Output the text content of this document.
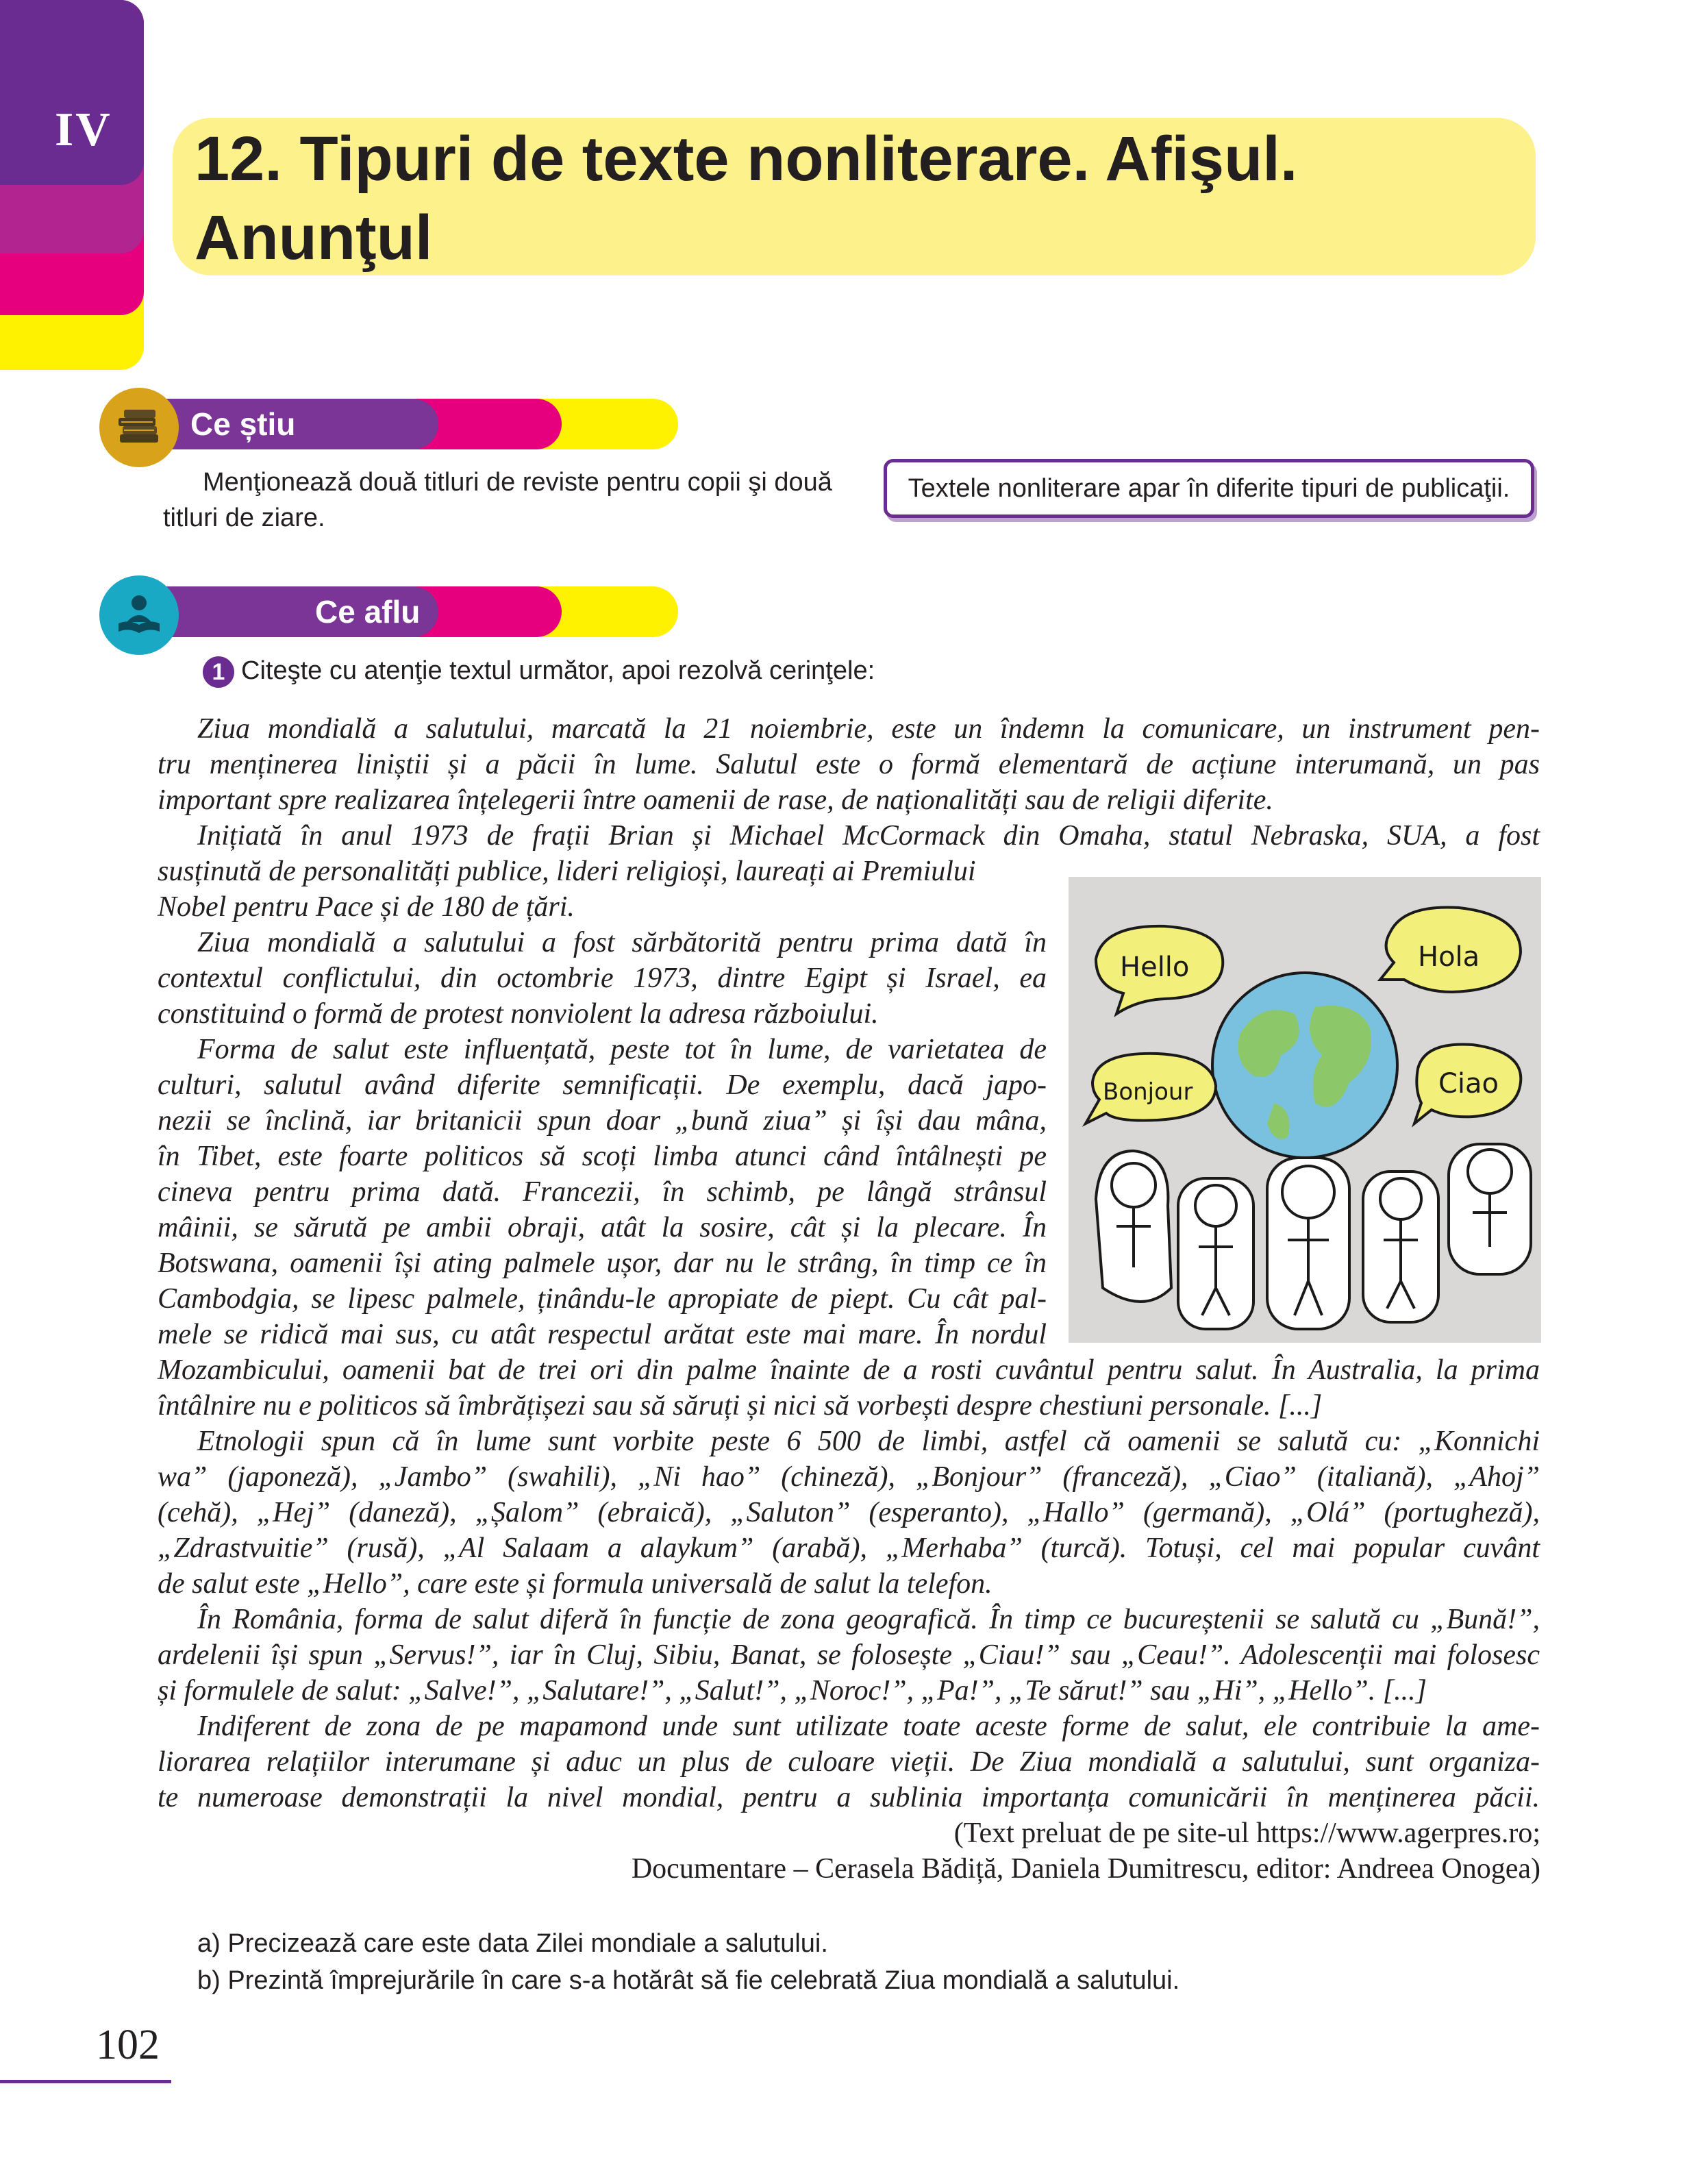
IV 12. Tipuri de texte nonliterare. Afişul.
Anunţul
Ce știu
Menţionează două titluri de reviste pentru copii şi două
titluri de ziare.
Textele nonliterare apar în diferite tipuri de publicaţii.
Ce aflu
1 Citeşte cu atenţie textul următor, apoi rezolvă cerinţele:
Ziua mondială a salutului, marcată la 21 noiembrie, este un îndemn la comunicare, un instrument pen-
tru menținerea liniștii și a păcii în lume. Salutul este o formă elementară de acțiune interumană, un pas
important spre realizarea înțelegerii între oamenii de rase, de naționalități sau de religii diferite.
Inițiată în anul 1973 de frații Brian și Michael McCormack din Omaha, statul Nebraska, SUA, a fost
susținută de personalități publice, lideri religioși, laureați ai Premiului
Nobel pentru Pace și de 180 de țări.
Ziua mondială a salutului a fost sărbătorită pentru prima dată în
contextul conflictului, din octombrie 1973, dintre Egipt și Israel, ea
constituind o formă de protest nonviolent la adresa războiului.
Forma de salut este influențată, peste tot în lume, de varietatea de
culturi, salutul având diferite semnificații. De exemplu, dacă japo-
nezii se înclină, iar britanicii spun doar „bună ziua” și își dau mâna,
în Tibet, este foarte politicos să scoți limba atunci când întâlnești pe
cineva pentru prima dată. Francezii, în schimb, pe lângă strânsul
mâinii, se sărută pe ambii obraji, atât la sosire, cât și la plecare. În
Botswana, oamenii își ating palmele ușor, dar nu le strâng, în timp ce în
Cambodgia, se lipesc palmele, ținându-le apropiate de piept. Cu cât pal-
mele se ridică mai sus, cu atât respectul arătat este mai mare. În nordul
Mozambicului, oamenii bat de trei ori din palme înainte de a rosti cuvântul pentru salut. În Australia, la prima
întâlnire nu e politicos să îmbrățișezi sau să săruți și nici să vorbești despre chestiuni personale. [...]
Etnologii spun că în lume sunt vorbite peste 6 500 de limbi, astfel că oamenii se salută cu: „Konnichi
wa” (japoneză), „Jambo” (swahili), „Ni hao” (chineză), „Bonjour” (franceză), „Ciao” (italiană), „Ahoj”
(cehă), „Hej” (daneză), „Șalom” (ebraică), „Saluton” (esperanto), „Hallo” (germană), „Olá” (portugheză),
„Zdrastvuitie” (rusă), „Al Salaam a alaykum” (arabă), „Merhaba” (turcă). Totuși, cel mai popular cuvânt
de salut este „Hello”, care este și formula universală de salut la telefon.
În România, forma de salut diferă în funcție de zona geografică. În timp ce bucureștenii se salută cu „Bună!”,
ardelenii își spun „Servus!”, iar în Cluj, Sibiu, Banat, se folosește „Ciau!” sau „Ceau!”. Adolescenții mai folosesc
și formulele de salut: „Salve!”, „Salutare!”, „Salut!”, „Noroc!”, „Pa!”, „Te sărut!” sau „Hi”, „Hello”. [...]
Indiferent de zona de pe mapamond unde sunt utilizate toate aceste forme de salut, ele contribuie la ame-
liorarea relațiilor interumane și aduc un plus de culoare vieții. De Ziua mondială a salutului, sunt organiza-
te numeroase demonstrații la nivel mondial, pentru a sublinia importanța comunicării în menținerea păcii.
(Text preluat de pe site-ul https://www.agerpres.ro;
Documentare – Cerasela Bădiță, Daniela Dumitrescu, editor: Andreea Onogea)
Hello	Hola
Bonjour	Ciao
a) Precizează care este data Zilei mondiale a salutului.
b) Prezintă împrejurările în care s-a hotărât să fie celebrată Ziua mondială a salutului.
102
